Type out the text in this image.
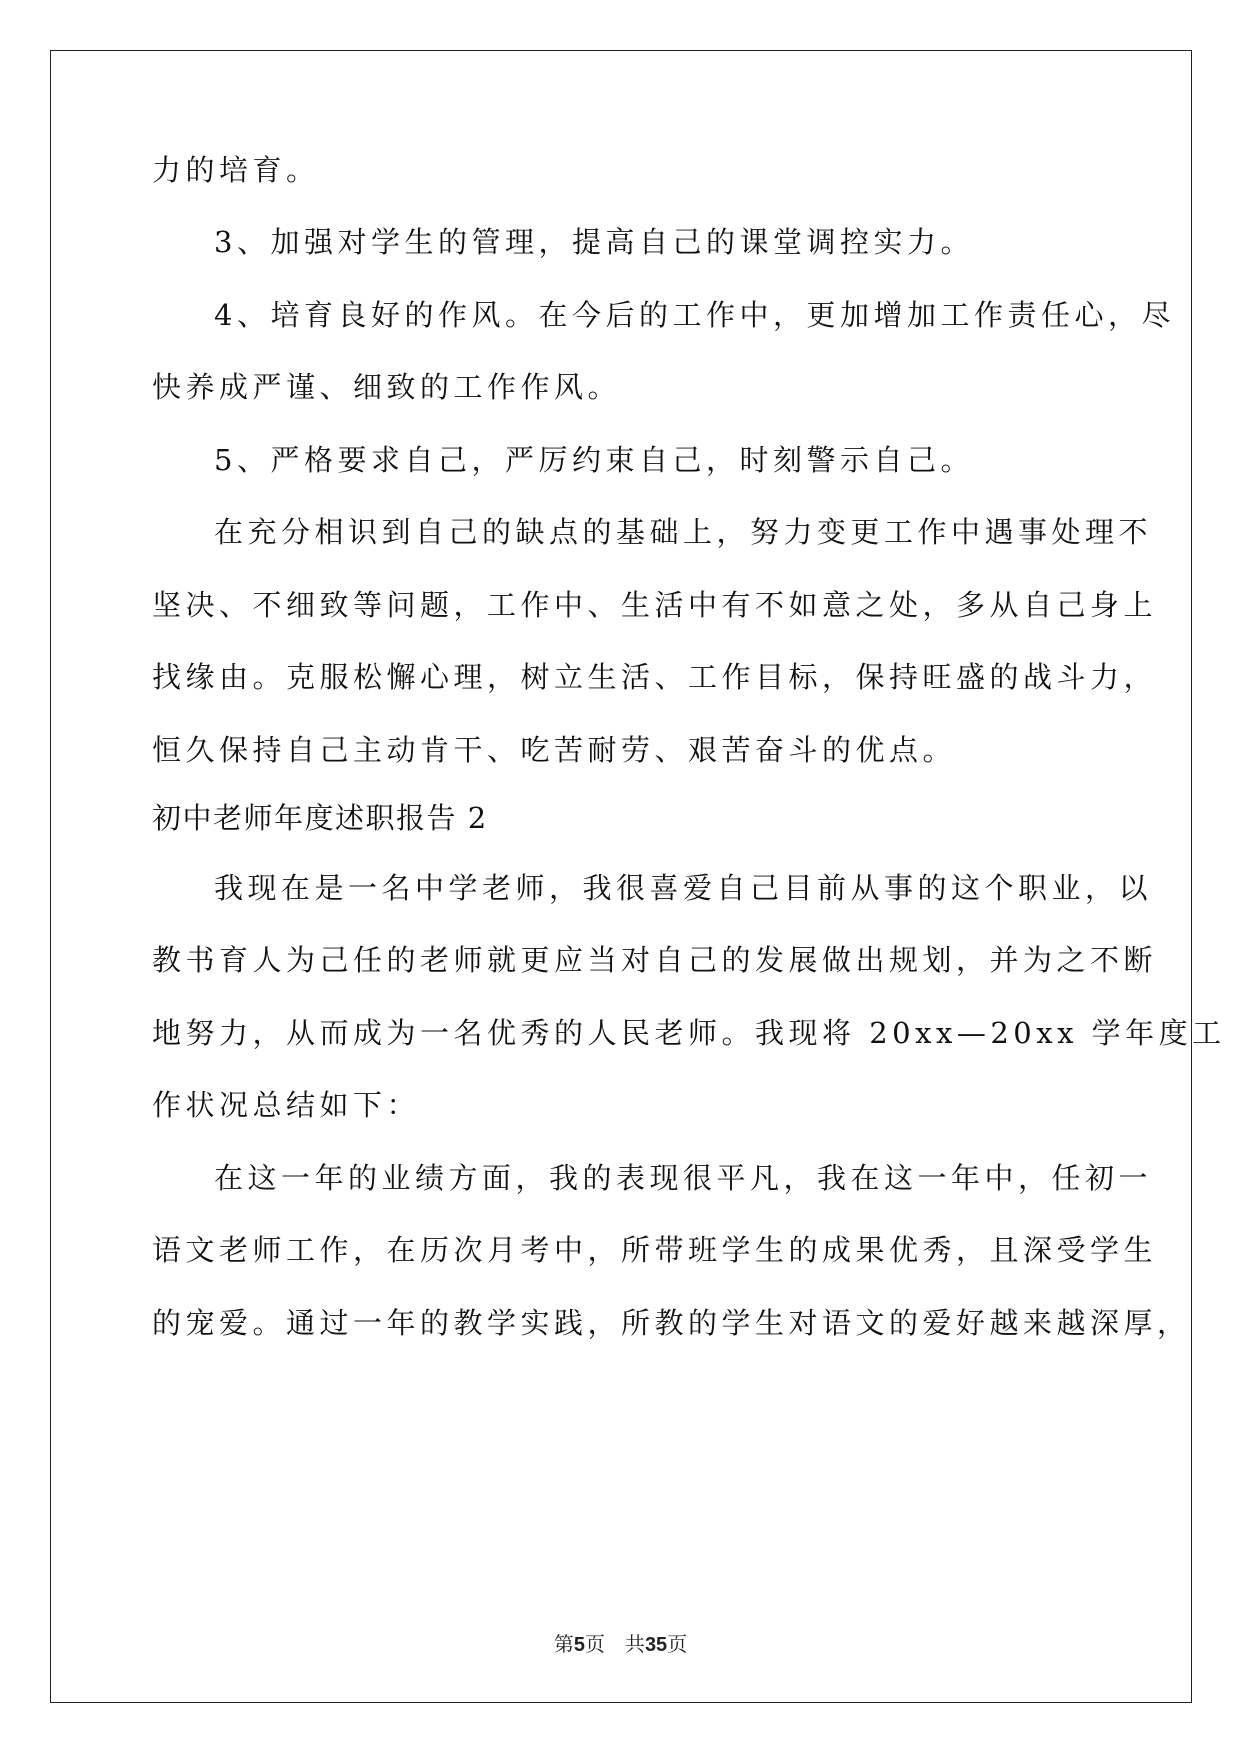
力的培育。
3、加强对学生的管理，提高自己的课堂调控实力。
4、培育良好的作风。在今后的工作中，更加增加工作责任心，尽
快养成严谨、细致的工作作风。
5、严格要求自己，严厉约束自己，时刻警示自己。
在充分相识到自己的缺点的基础上，努力变更工作中遇事处理不
坚决、不细致等问题，工作中、生活中有不如意之处，多从自己身上
找缘由。克服松懈心理，树立生活、工作目标，保持旺盛的战斗力，
恒久保持自己主动肯干、吃苦耐劳、艰苦奋斗的优点。
初中老师年度述职报告 2
我现在是一名中学老师，我很喜爱自己目前从事的这个职业，以
教书育人为己任的老师就更应当对自己的发展做出规划，并为之不断
地努力，从而成为一名优秀的人民老师。我现将 20xx—20xx 学年度工
作状况总结如下：
在这一年的业绩方面，我的表现很平凡，我在这一年中，任初一
语文老师工作，在历次月考中，所带班学生的成果优秀，且深受学生
的宠爱。通过一年的教学实践，所教的学生对语文的爱好越来越深厚，
第5页　共35页
